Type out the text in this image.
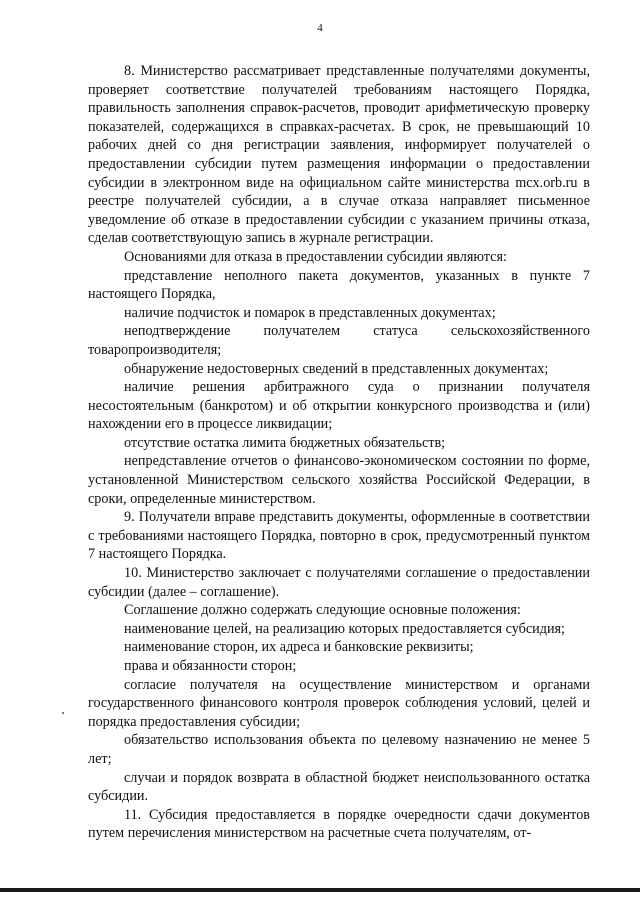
4

8. Министерство рассматривает представленные получателями документы, проверяет соответствие получателей требованиям настоящего Порядка, правильность заполнения справок-расчетов, проводит арифметическую проверку показателей, содержащихся в справках-расчетах. В срок, не превышающий 10 рабочих дней со дня регистрации заявления, информирует получателей о предоставлении субсидии путем размещения информации о предоставлении субсидии в электронном виде на официальном сайте министерства mcx.orb.ru в реестре получателей субсидии, а в случае отказа направляет письменное уведомление об отказе в предоставлении субсидии с указанием причины отказа, сделав соответствующую запись в журнале регистрации.

Основаниями для отказа в предоставлении субсидии являются:

представление неполного пакета документов, указанных в пункте 7 настоящего Порядка,

наличие подчисток и помарок в представленных документах;

неподтверждение получателем статуса сельскохозяйственного товаропроизводителя;

обнаружение недостоверных сведений в представленных документах;

наличие решения арбитражного суда о признании получателя несостоятельным (банкротом) и об открытии конкурсного производства и (или) нахождении его в процессе ликвидации;

отсутствие остатка лимита бюджетных обязательств;

непредставление отчетов о финансово-экономическом состоянии по форме, установленной Министерством сельского хозяйства Российской Федерации, в сроки, определенные министерством.

9. Получатели вправе представить документы, оформленные в соответствии с требованиями настоящего Порядка, повторно в срок, предусмотренный пунктом 7 настоящего Порядка.

10. Министерство заключает с получателями соглашение о предоставлении субсидии (далее – соглашение).

Соглашение должно содержать следующие основные положения:

наименование целей, на реализацию которых предоставляется субсидия;

наименование сторон, их адреса и банковские реквизиты;

права и обязанности сторон;

согласие получателя на осуществление министерством и органами государственного финансового контроля проверок соблюдения условий, целей и порядка предоставления субсидии;

обязательство использования объекта по целевому назначению не менее 5 лет;

случаи и порядок возврата в областной бюджет неиспользованного остатка субсидии.

11. Субсидия предоставляется в порядке очередности сдачи документов путем перечисления министерством на расчетные счета получателям, от-
